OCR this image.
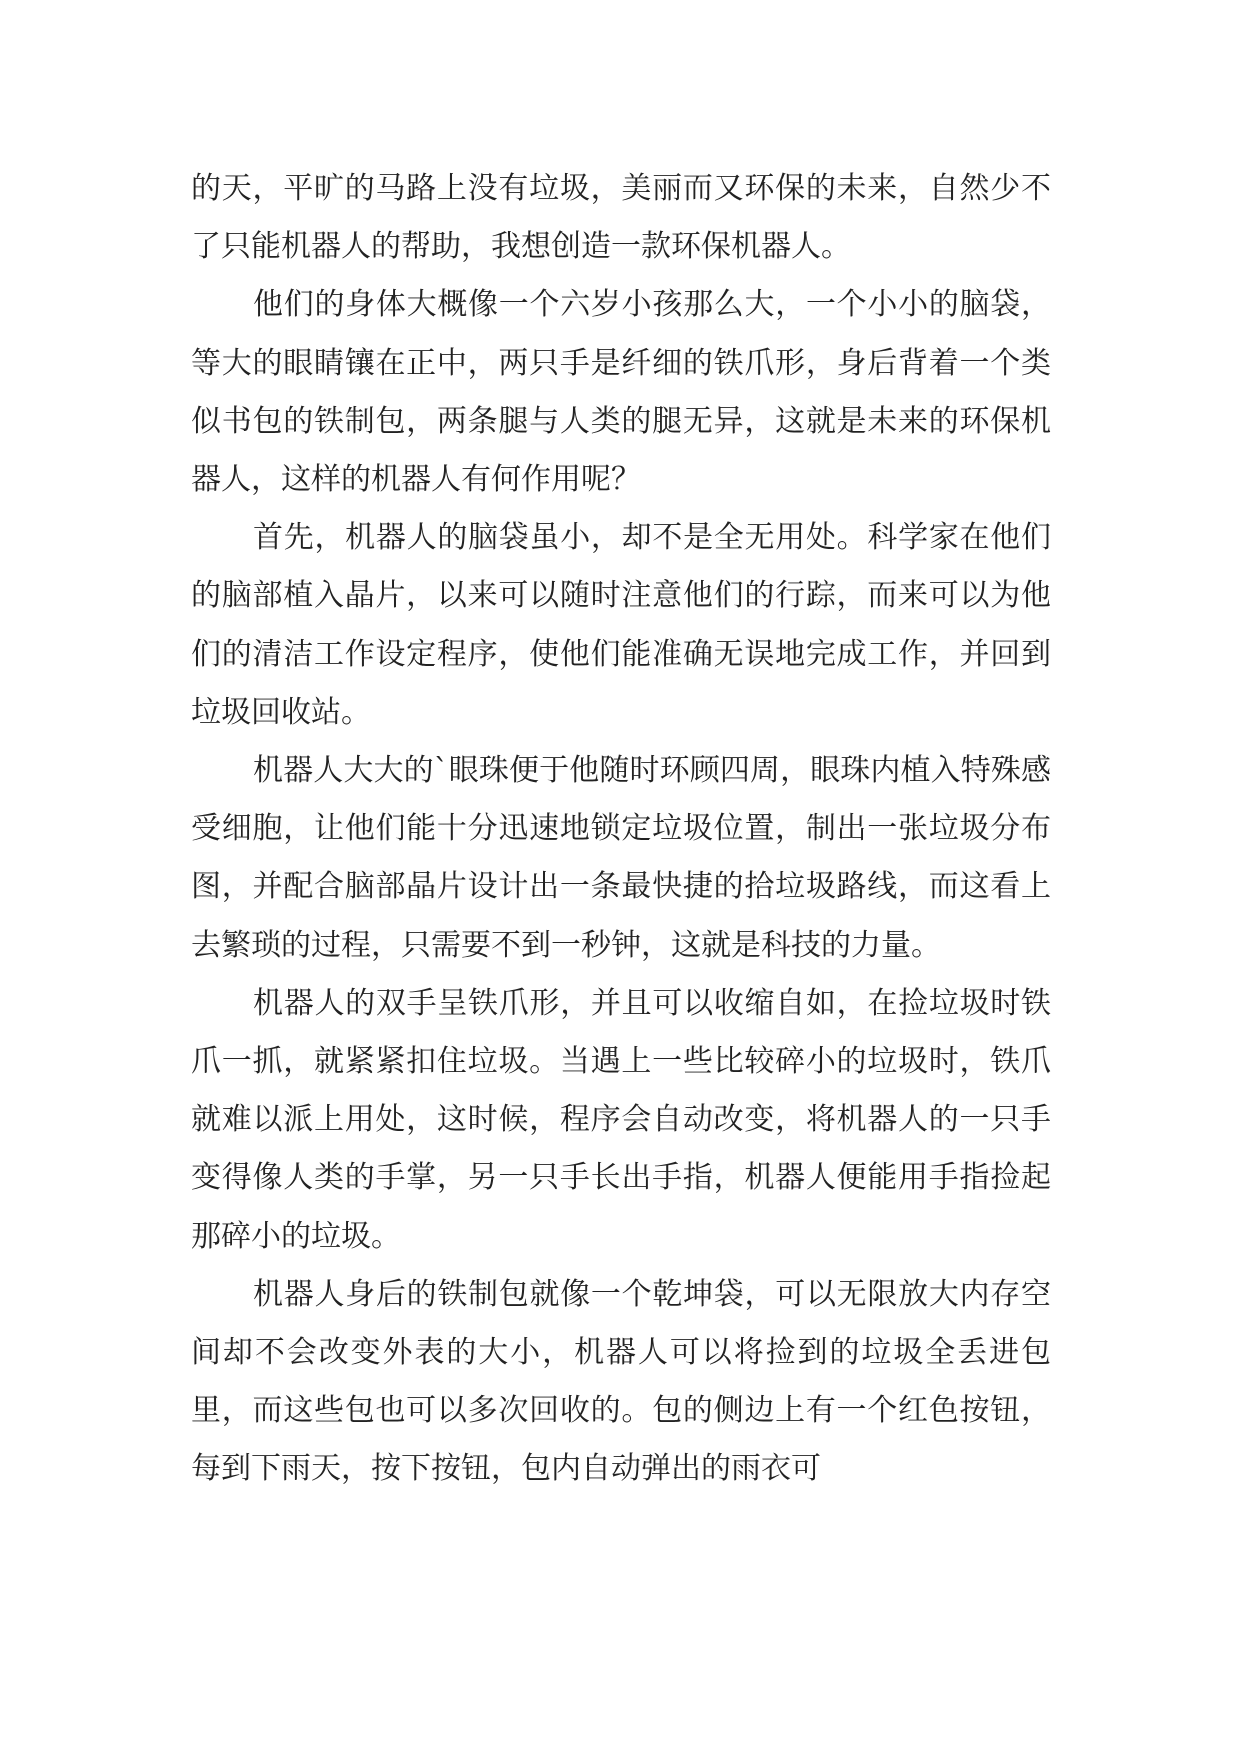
的天，平旷的马路上没有垃圾，美丽而又环保的未来，自然少不了只能机器人的帮助，我想创造一款环保机器人。

他们的身体大概像一个六岁小孩那么大，一个小小的脑袋，等大的眼睛镶在正中，两只手是纤细的铁爪形，身后背着一个类似书包的铁制包，两条腿与人类的腿无异，这就是未来的环保机器人，这样的机器人有何作用呢？

首先，机器人的脑袋虽小，却不是全无用处。科学家在他们的脑部植入晶片，以来可以随时注意他们的行踪，而来可以为他们的清洁工作设定程序，使他们能准确无误地完成工作，并回到垃圾回收站。

机器人大大的`眼珠便于他随时环顾四周，眼珠内植入特殊感受细胞，让他们能十分迅速地锁定垃圾位置，制出一张垃圾分布图，并配合脑部晶片设计出一条最快捷的拾垃圾路线，而这看上去繁琐的过程，只需要不到一秒钟，这就是科技的力量。

机器人的双手呈铁爪形，并且可以收缩自如，在捡垃圾时铁爪一抓，就紧紧扣住垃圾。当遇上一些比较碎小的垃圾时，铁爪就难以派上用处，这时候，程序会自动改变，将机器人的一只手变得像人类的手掌，另一只手长出手指，机器人便能用手指捡起那碎小的垃圾。

机器人身后的铁制包就像一个乾坤袋，可以无限放大内存空间却不会改变外表的大小，机器人可以将捡到的垃圾全丢进包里，而这些包也可以多次回收的。包的侧边上有一个红色按钮，每到下雨天，按下按钮，包内自动弹出的雨衣可
